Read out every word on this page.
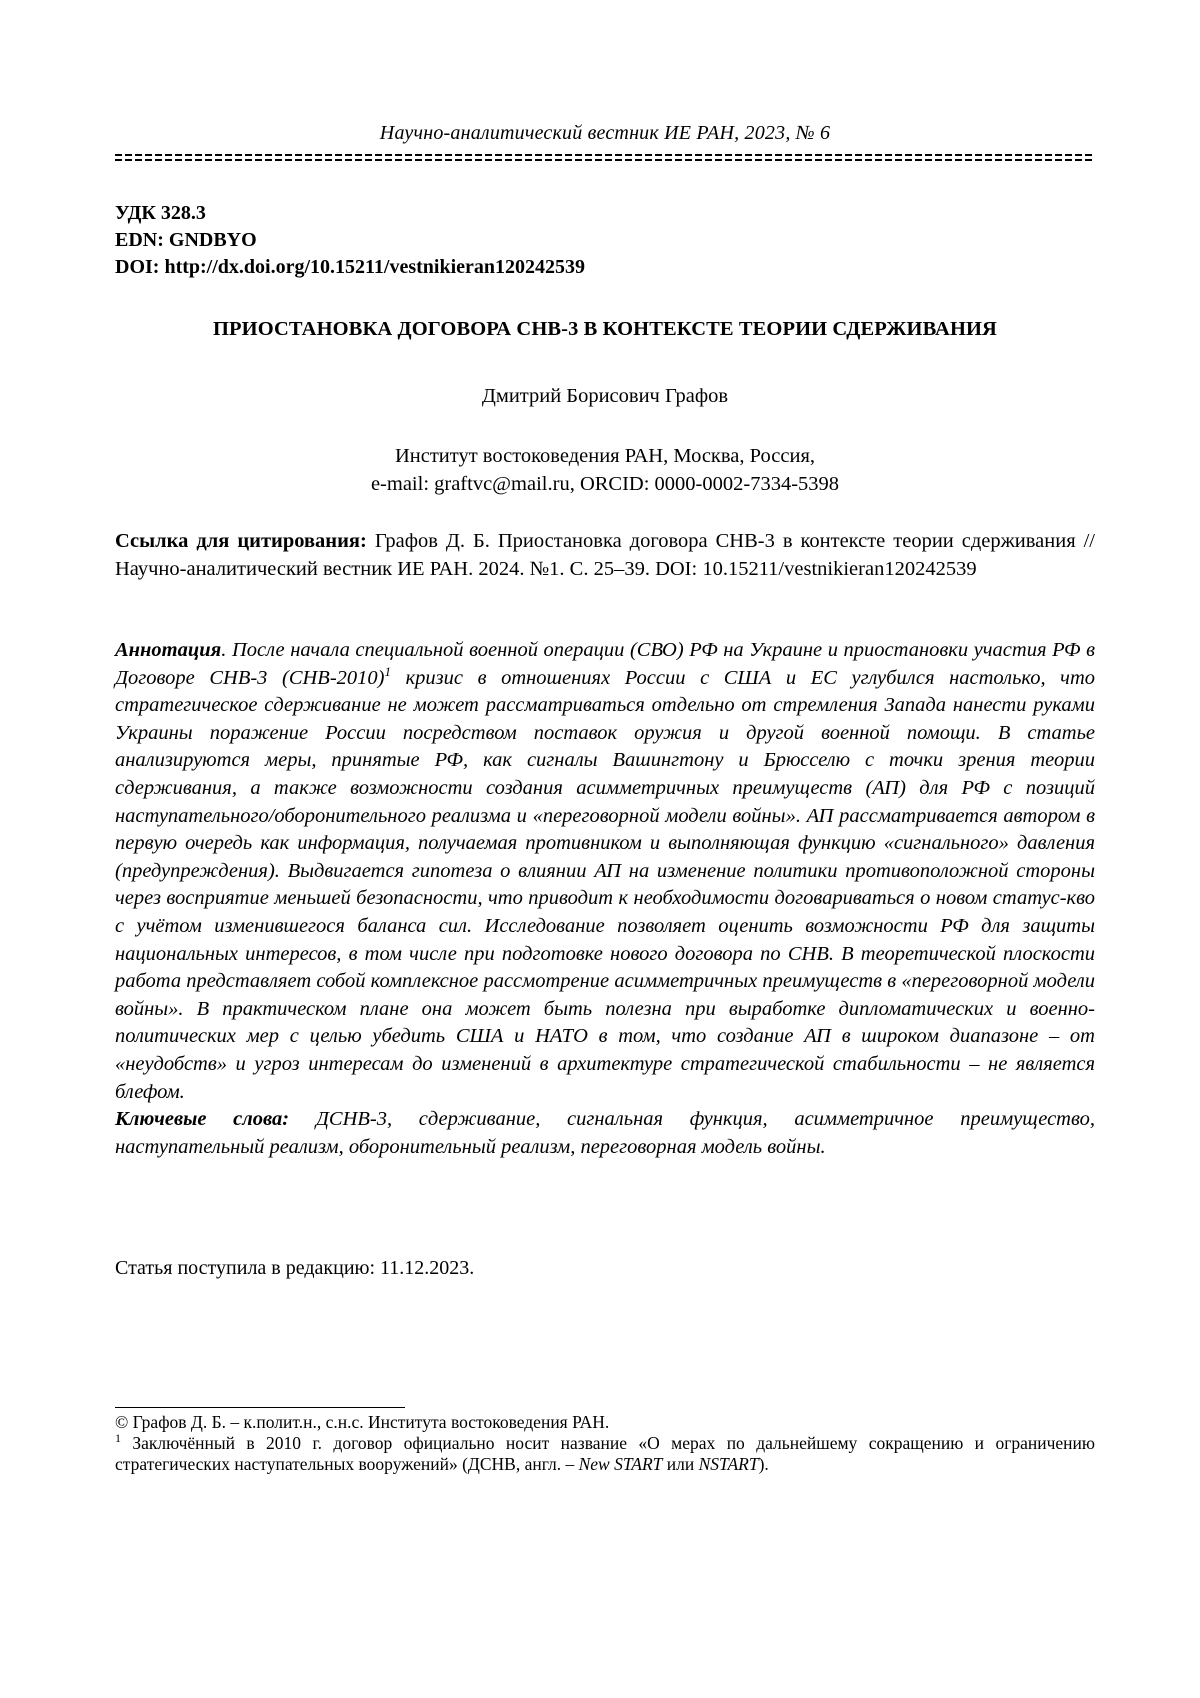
Научно-аналитический вестник ИЕ РАН, 2023, № 6
УДК 328.3
EDN: GNDBYO
DOI: http://dx.doi.org/10.15211/vestnikieran120242539
ПРИОСТАНОВКА ДОГОВОРА СНВ-3 В КОНТЕКСТЕ ТЕОРИИ СДЕРЖИВАНИЯ
Дмитрий Борисович Графов
Институт востоковедения РАН, Москва, Россия,
e-mail: graftvc@mail.ru, ORCID: 0000-0002-7334-5398
Ссылка для цитирования: Графов Д. Б. Приостановка договора СНВ-3 в контексте теории сдерживания // Научно-аналитический вестник ИЕ РАН. 2024. №1. С. 25–39. DOI: 10.15211/vestnikieran120242539
Аннотация. После начала специальной военной операции (СВО) РФ на Украине и приостановки участия РФ в Договоре СНВ-3 $(СНВ-2010)^1$ кризис в отношениях России с США и ЕС углубился настолько, что стратегическое сдерживание не может рассматриваться отдельно от стремления Запада нанести руками Украины поражение России посредством поставок оружия и другой военной помощи. В статье анализируются меры, принятые РФ, как сигналы Вашингтону и Брюсселю с точки зрения теории сдерживания, а также возможности создания асимметричных преимуществ (АП) для РФ с позиций наступательного/оборонительного реализма и «переговорной модели войны». АП рассматривается автором в первую очередь как информация, получаемая противником и выполняющая функцию «сигнального» давления (предупреждения). Выдвигается гипотеза о влиянии АП на изменение политики противоположной стороны через восприятие меньшей безопасности, что приводит к необходимости договариваться о новом статус-кво с учётом изменившегося баланса сил. Исследование позволяет оценить возможности РФ для защиты национальных интересов, в том числе при подготовке нового договора по СНВ. В теоретической плоскости работа представляет собой комплексное рассмотрение асимметричных преимуществ в «переговорной модели войны». В практическом плане она может быть полезна при выработке дипломатических и военно-политических мер с целью убедить США и НАТО в том, что создание АП в широком диапазоне – от «неудобств» и угроз интересам до изменений в архитектуре стратегической стабильности – не является блефом.
Ключевые слова: ДСНВ-3, сдерживание, сигнальная функция, асимметричное преимущество, наступательный реализм, оборонительный реализм, переговорная модель войны.
Статья поступила в редакцию: 11.12.2023.
© Графов Д. Б. – к.полит.н., с.н.с. Института востоковедения РАН.
$^1$ Заключённый в 2010 г. договор официально носит название «О мерах по дальнейшему сокращению и ограничению стратегических наступательных вооружений» (ДСНВ, англ. – New START или NSTART).
